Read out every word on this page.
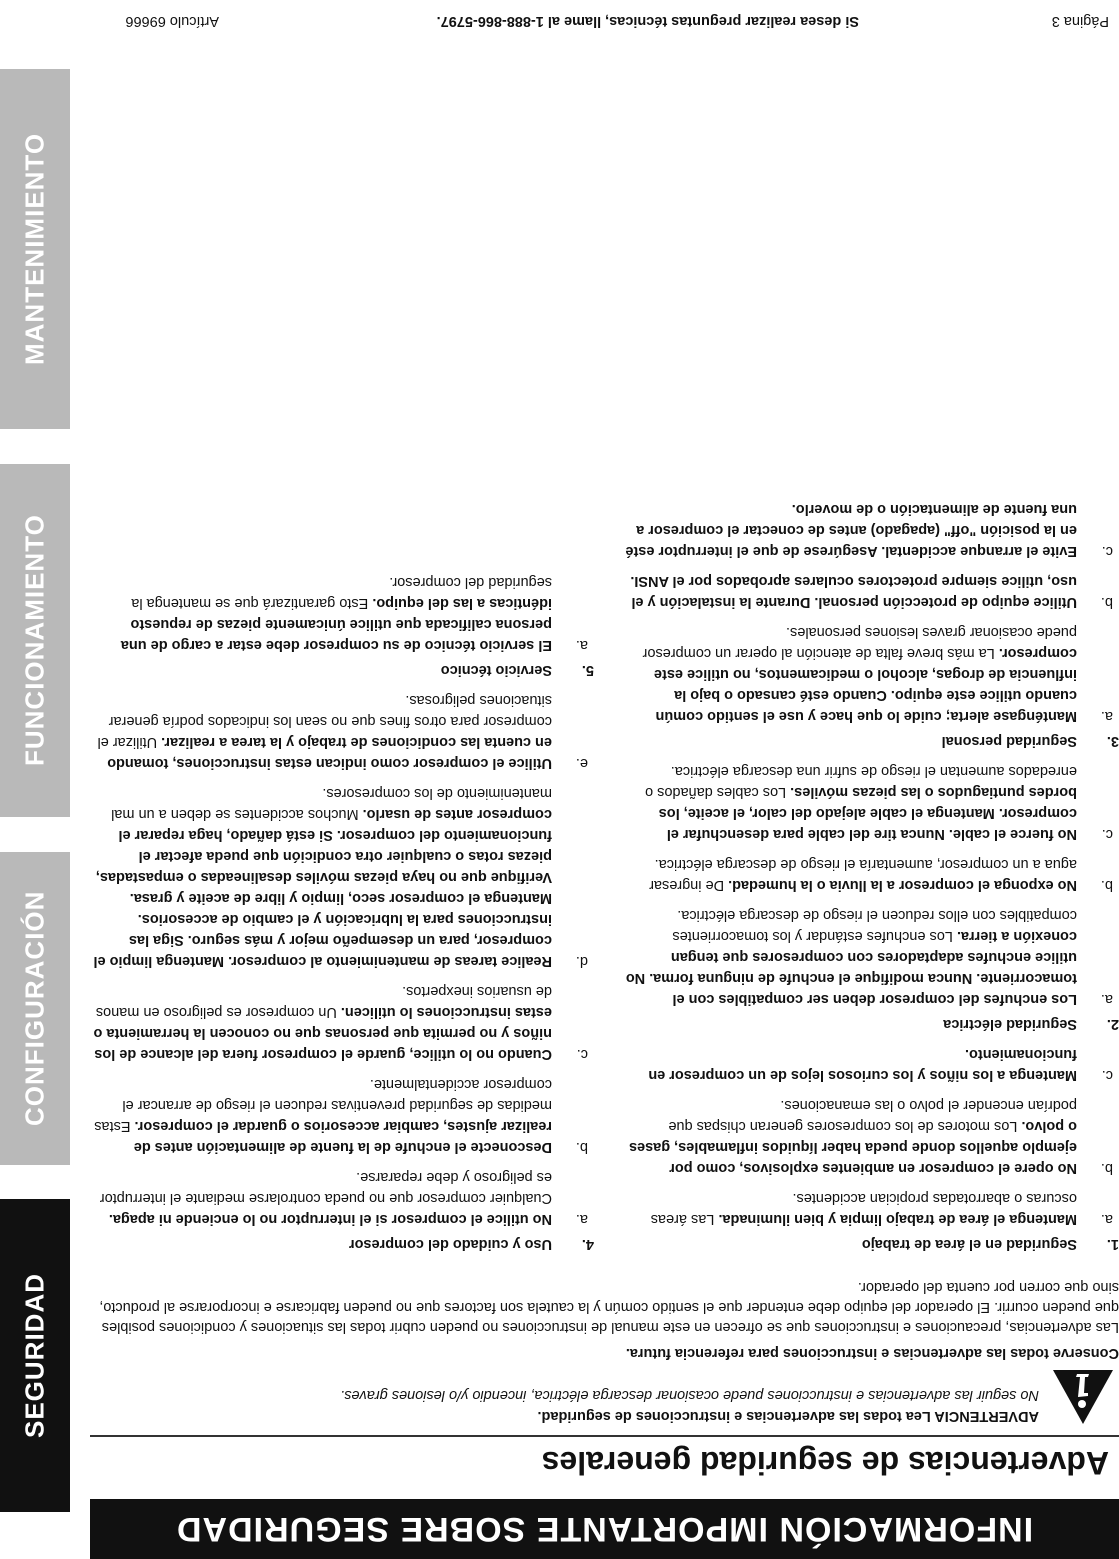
INFORMACIÓN IMPORTANTE SOBRE SEGURIDAD
SEGURIDAD
CONFIGURACIÓN
FUNCIONAMIENTO
MANTENIMIENTO
Advertencias de seguridad generales
ADVERTENCIA Lea todas las advertencias e instrucciones de seguridad.
No seguir las advertencias e instrucciones puede ocasionar descarga eléctrica, incendio y/o lesiones graves.
Conserve todas las advertencias e instrucciones para referencia futura.
Las advertencias, precauciones e instrucciones que se ofrecen en este manual de instrucciones no pueden cubrir todas las situaciones y condiciones posibles que pueden ocurrir. El operador del equipo debe entender que el sentido común y la cautela son factores que no pueden fabricarse e incorporarse al producto, sino que corren por cuenta del operador.
1.
Seguridad en el área de trabajo
a.
Mantenga el área de trabajo limpia y bien iluminada. Las áreas oscuras o abarrotadas propician accidentes.
b.
No opere el compresor en ambientes explosivos, como por ejemplo aquellos donde pueda haber líquidos inflamables, gases o polvo. Los motores de los compresores generan chispas que podrían encender el polvo o las emanaciones.
c.
Mantenga a los niños y los curiosos lejos de un compresor en funcionamiento.
2.
Seguridad eléctrica
a.
Los enchufes del compresor deben ser compatibles con el tomacorriente. Nunca modifique el enchufe de ninguna forma. No utilice enchufes adaptadores con compresores que tengan conexión a tierra. Los enchufes estándar y los tomacorrientes compatibles con ellos reducen el riesgo de descarga eléctrica.
b.
No exponga el compresor a la lluvia o la humedad. De ingresar agua a un compresor, aumentaría el riesgo de descarga eléctrica.
c.
No fuerce el cable. Nunca tire del cable para desenchufar el compresor. Mantenga el cable alejado del calor, el aceite, los bordes puntiagudos o las piezas móviles. Los cables dañados o enredados aumentan el riesgo de sufrir una descarga eléctrica.
3.
Seguridad personal
a.
Manténgase alerta; cuide lo que hace y use el sentido común cuando utilice este equipo. Cuando esté cansado o bajo la influencia de drogas, alcohol o medicamentos, no utilice este compresor. La más breve falta de atención al operar un compresor puede ocasionar graves lesiones personales.
b.
Utilice equipo de protección personal. Durante la instalación y el uso, utilice siempre protectores oculares aprobados por el ANSI.
c.
Evite el arranque accidental. Asegúrese de que el interruptor esté en la posición "off" (apagado) antes de conectar el compresor a una fuente de alimentación o de moverlo.
4.
Uso y cuidado del compresor
a.
No utilice el compresor si el interruptor no lo enciende ni apaga. Cualquier compresor que no pueda controlarse mediante el interruptor es peligroso y debe repararse.
b.
Desconecte el enchufe de la fuente de alimentación antes de realizar ajustes, cambiar accesorios o guardar el compresor. Estas medidas de seguridad preventivas reducen el riesgo de arrancar el compresor accidentalmente.
c.
Cuando no lo utilice, guarde el compresor fuera del alcance de los niños y no permita que personas que no conocen la herramienta o estas instrucciones lo utilicen. Un compresor es peligroso en manos de usuarios inexpertos.
d.
Realice tareas de mantenimiento al compresor. Mantenga limpio el compresor, para un desempeño mejor y más seguro. Siga las instrucciones para la lubricación y el cambio de accesorios. Mantenga el compresor seco, limpio y libre de aceite y grasa. Verifique que no haya piezas móviles desalineadas o empastadas, piezas rotas o cualquier otra condición que pueda afectar el funcionamiento del compresor. Si está dañado, haga reparar el compresor antes de usarlo. Muchos accidentes se deben a un mal mantenimiento de los compresores.
e.
Utilice el compresor como indican estas instrucciones, tomando en cuenta las condiciones de trabajo y la tarea a realizar. Utilizar el compresor para otros fines que no sean los indicados podría generar situaciones peligrosas.
5.
Servicio técnico
a.
El servicio técnico de su compresor debe estar a cargo de una persona calificada que utilice únicamente piezas de repuesto idénticas a las del equipo. Esto garantizará que se mantenga la seguridad del compresor.
Página 3
Si desea realizar preguntas técnicas, llame al 1-888-866-5797.
Artículo 69666
